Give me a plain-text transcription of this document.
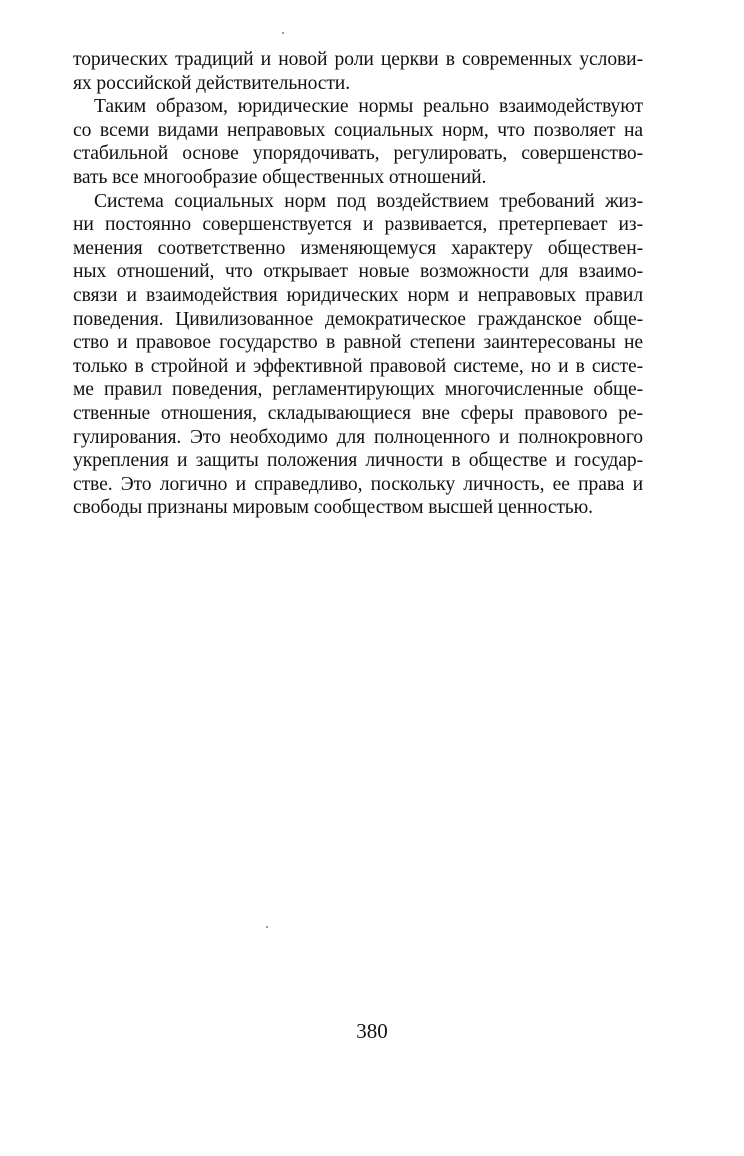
торических традиций и новой роли церкви в современных услови-
ях российской действительности.
Таким образом, юридические нормы реально взаимодействуют
со всеми видами неправовых социальных норм, что позволяет на
стабильной основе упорядочивать, регулировать, совершенство-
вать все многообразие общественных отношений.
Система социальных норм под воздействием требований жиз-
ни постоянно совершенствуется и развивается, претерпевает из-
менения соответственно изменяющемуся характеру обществен-
ных отношений, что открывает новые возможности для взаимо-
связи и взаимодействия юридических норм и неправовых правил
поведения. Цивилизованное демократическое гражданское обще-
ство и правовое государство в равной степени заинтересованы не
только в стройной и эффективной правовой системе, но и в систе-
ме правил поведения, регламентирующих многочисленные обще-
ственные отношения, складывающиеся вне сферы правового ре-
гулирования. Это необходимо для полноценного и полнокровного
укрепления и защиты положения личности в обществе и государ-
стве. Это логично и справедливо, поскольку личность, ее права и
свободы признаны мировым сообществом высшей ценностью.
380
